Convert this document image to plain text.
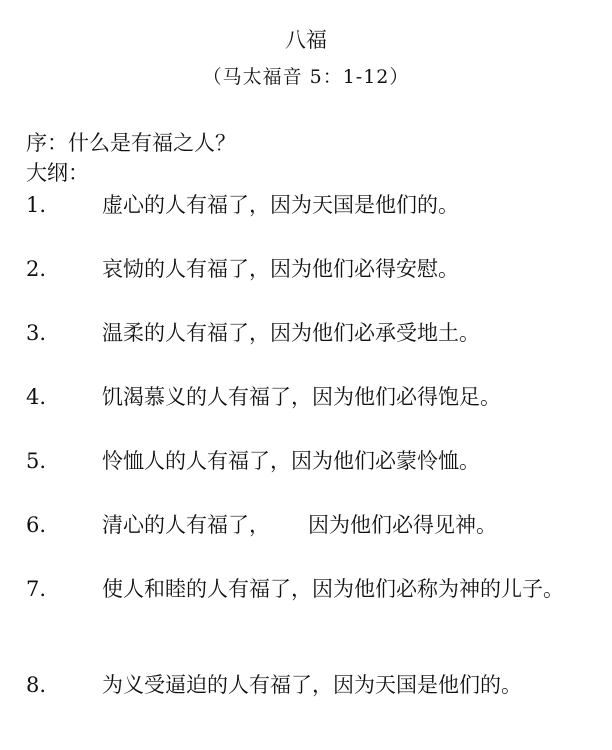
八福
（马太福音 5：1-12）
序：什么是有福之人？
大纲：
1.	虚心的人有福了，因为天国是他们的。
2.	哀恸的人有福了，因为他们必得安慰。
3.	温柔的人有福了，因为他们必承受地土。
4.	饥渴慕义的人有福了，因为他们必得饱足。
5.	怜恤人的人有福了，因为他们必蒙怜恤。
6.	清心的人有福了， 因为他们必得见神。
7.	使人和睦的人有福了，因为他们必称为神的儿子。
8.	为义受逼迫的人有福了，因为天国是他们的。
